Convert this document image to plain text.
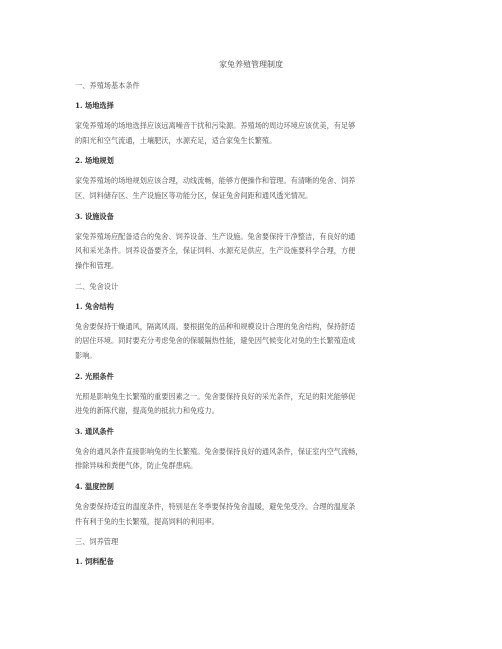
家兔养殖管理制度

一、养殖场基本条件

1. 场地选择

家兔养殖场的场地选择应该远离噪音干扰和污染源。养殖场的周边环境应该优美，有足够

的阳光和空气流通，土壤肥沃，水源充足，适合家兔生长繁殖。

2. 场地规划

家兔养殖场的场地规划应该合理，动线流畅，能够方便操作和管理。有清晰的兔舍、饲养

区、饲料储存区、生产设施区等功能分区，保证兔舍间距和通风透光情况。

3. 设施设备

家兔养殖场应配备适合的兔舍、饲养设备、生产设施。兔舍要保持干净整洁，有良好的通

风和采光条件。饲养设备要齐全，保证饲料、水源充足供应，生产设施要科学合理，方便

操作和管理。

二、兔舍设计

1. 兔舍结构

兔舍要保持干燥通风，隔离风雨。要根据兔的品种和规模设计合理的兔舍结构，保持舒适

的居住环境。同时要充分考虑兔舍的保暖隔热性能，避免因气候变化对兔的生长繁殖造成

影响。

2. 光照条件

光照是影响兔生长繁殖的重要因素之一。兔舍要保持良好的采光条件，充足的阳光能够促

进兔的新陈代谢，提高兔的抵抗力和免疫力。

3. 通风条件

兔舍的通风条件直接影响兔的生长繁殖。兔舍要保持良好的通风条件，保证室内空气流畅，

排除异味和粪便气体，防止兔群患病。

4. 温度控制

兔舍要保持适宜的温度条件，特别是在冬季要保持兔舍温暖，避免兔受冷。合理的温度条

件有利于兔的生长繁殖，提高饲料的利用率。

三、饲养管理

1. 饲料配备
